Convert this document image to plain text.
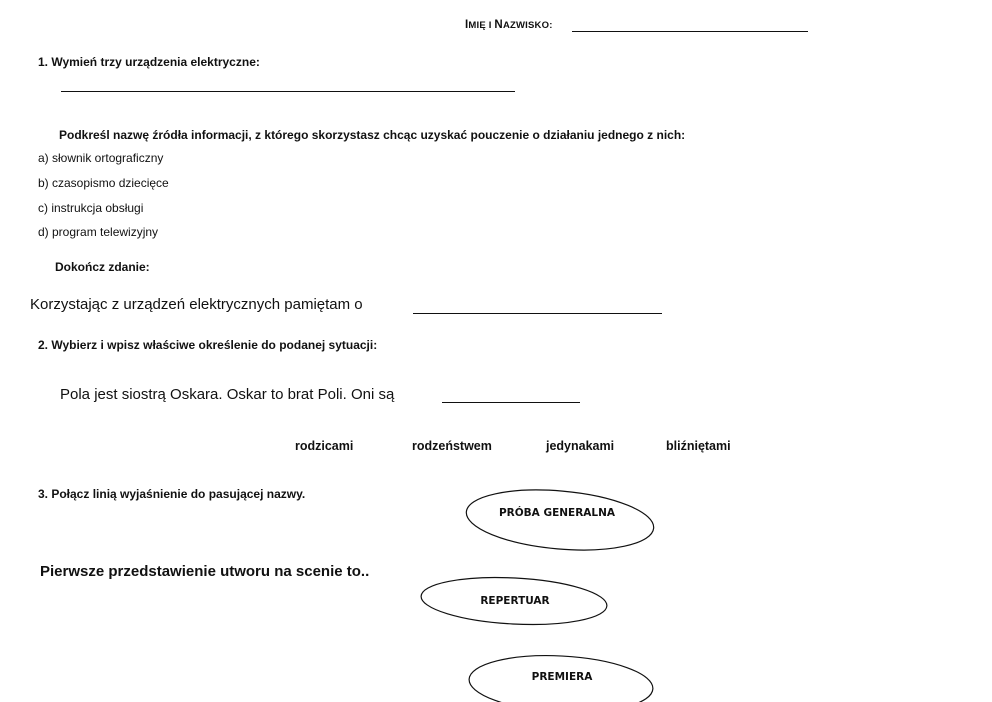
IMIĘ I NAZWISKO:
1. Wymień trzy urządzenia elektryczne:
Podkreśl nazwę źródła informacji, z którego skorzystasz chcąc uzyskać pouczenie o działaniu jednego z nich:
a) słownik ortograficzny
b) czasopismo dziecięce
c) instrukcja obsługi
d) program telewizyjny
Dokończ zdanie:
Korzystając z urządzeń elektrycznych pamiętam o
2. Wybierz i wpisz właściwe określenie do podanej sytuacji:
Pola jest siostrą Oskara. Oskar to brat Poli. Oni są
rodzicami	rodzeństwem	jedynakami	bliźniętami
3. Połącz linią wyjaśnienie do pasującej nazwy.
Pierwsze przedstawienie utworu na scenie to..
PRÓBA GENERALNA
REPERTUAR
PREMIERA
